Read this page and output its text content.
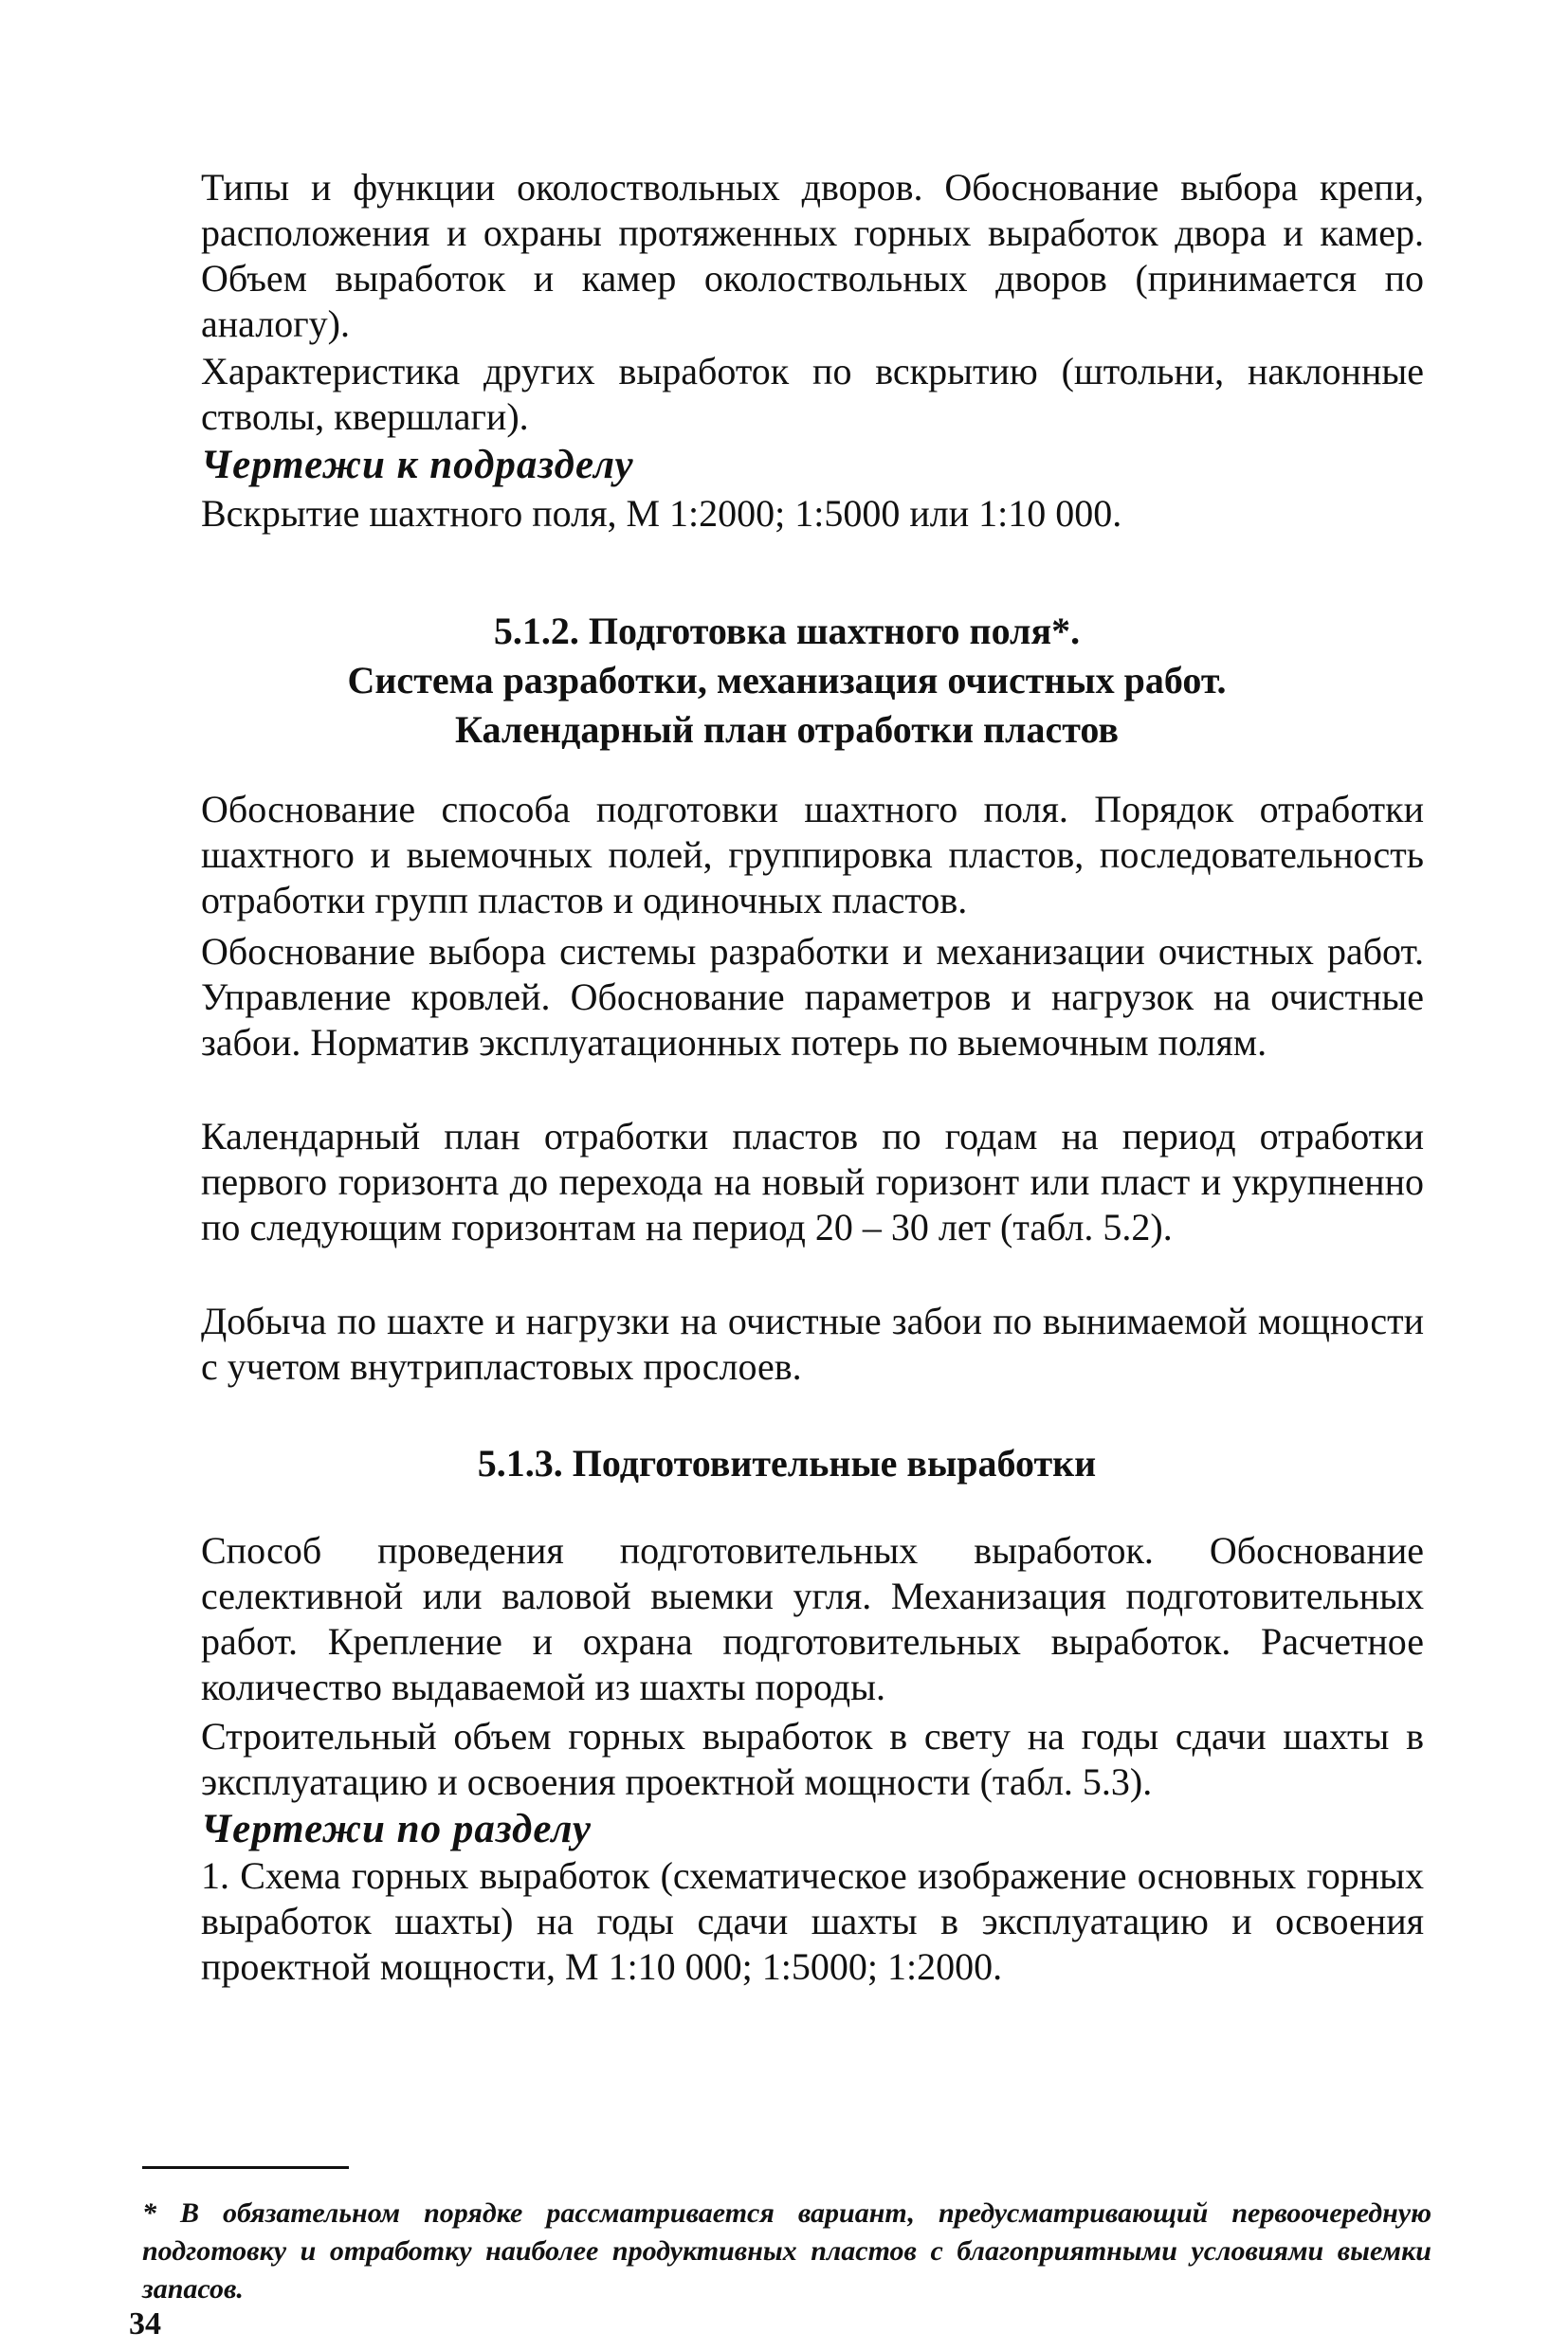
Типы и функции околоствольных дворов. Обоснование выбора крепи, расположения и охраны протяженных горных выработок двора и камер. Объем выработок и камер околоствольных дворов (принимается по аналогу).

Характеристика других выработок по вскрытию (штольни, наклонные стволы, квершлаги).

Чертежи к подразделу

Вскрытие шахтного поля, М 1:2000; 1:5000 или 1:10 000.

5.1.2. Подготовка шахтного поля*.
Система разработки, механизация очистных работ.
Календарный план отработки пластов

Обоснование способа подготовки шахтного поля. Порядок отработки шахтного и выемочных полей, группировка пластов, последовательность отработки групп пластов и одиночных пластов.

Обоснование выбора системы разработки и механизации очистных работ. Управление кровлей. Обоснование параметров и нагрузок на очистные забои. Норматив эксплуатационных потерь по выемочным полям.

Календарный план отработки пластов по годам на период отработки первого горизонта до перехода на новый горизонт или пласт и укрупненно по следующим горизонтам на период 20 – 30 лет (табл. 5.2).

Добыча по шахте и нагрузки на очистные забои по вынимаемой мощности с учетом внутрипластовых прослоев.

5.1.3. Подготовительные выработки

Способ проведения подготовительных выработок. Обоснование селективной или валовой выемки угля. Механизация подготовительных работ. Крепление и охрана подготовительных выработок. Расчетное количество выдаваемой из шахты породы.

Строительный объем горных выработок в свету на годы сдачи шахты в эксплуатацию и освоения проектной мощности (табл. 5.3).

Чертежи по разделу

1. Схема горных выработок (схематическое изображение основных горных выработок шахты) на годы сдачи шахты в эксплуатацию и освоения проектной мощности, М 1:10 000; 1:5000; 1:2000.

* В обязательном порядке рассматривается вариант, предусматривающий первоочередную подготовку и отработку наиболее продуктивных пластов с благоприятными условиями выемки запасов.
34
